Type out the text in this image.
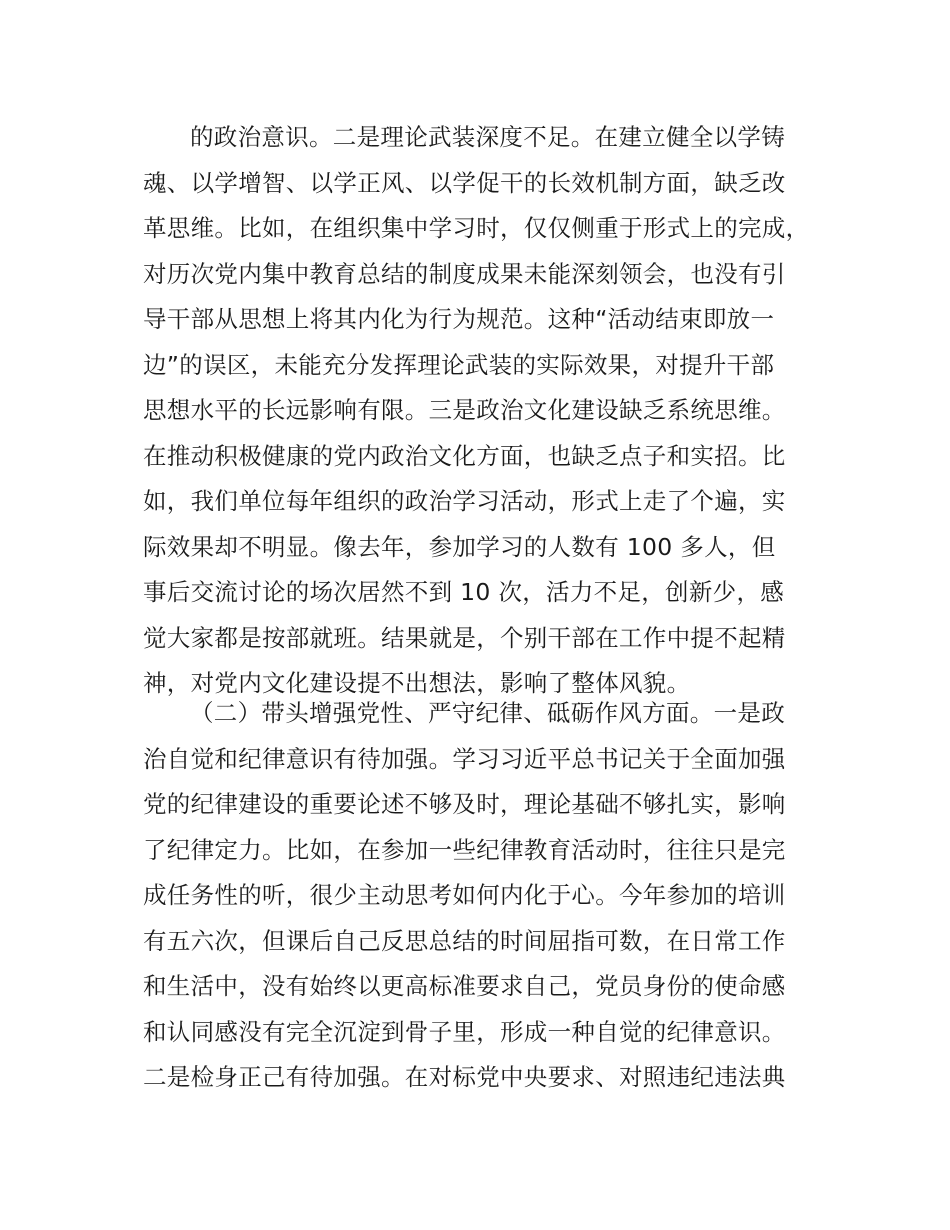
的政治意识。二是理论武装深度不足。在建立健全以学铸
魂、以学增智、以学正风、以学促干的长效机制方面，缺乏改
革思维。比如，在组织集中学习时，仅仅侧重于形式上的完成，
对历次党内集中教育总结的制度成果未能深刻领会，也没有引
导干部从思想上将其内化为行为规范。这种“活动结束即放一
边”的误区，未能充分发挥理论武装的实际效果，对提升干部
思想水平的长远影响有限。三是政治文化建设缺乏系统思维。
在推动积极健康的党内政治文化方面，也缺乏点子和实招。比
如，我们单位每年组织的政治学习活动，形式上走了个遍，实
际效果却不明显。像去年，参加学习的人数有 100 多人，但
事后交流讨论的场次居然不到 10 次，活力不足，创新少，感
觉大家都是按部就班。结果就是，个别干部在工作中提不起精
神，对党内文化建设提不出想法，影响了整体风貌。
（二）带头增强党性、严守纪律、砥砺作风方面。一是政
治自觉和纪律意识有待加强。学习习近平总书记关于全面加强
党的纪律建设的重要论述不够及时，理论基础不够扎实，影响
了纪律定力。比如，在参加一些纪律教育活动时，往往只是完
成任务性的听，很少主动思考如何内化于心。今年参加的培训
有五六次，但课后自己反思总结的时间屈指可数，在日常工作
和生活中，没有始终以更高标准要求自己，党员身份的使命感
和认同感没有完全沉淀到骨子里，形成一种自觉的纪律意识。
二是检身正己有待加强。在对标党中央要求、对照违纪违法典
